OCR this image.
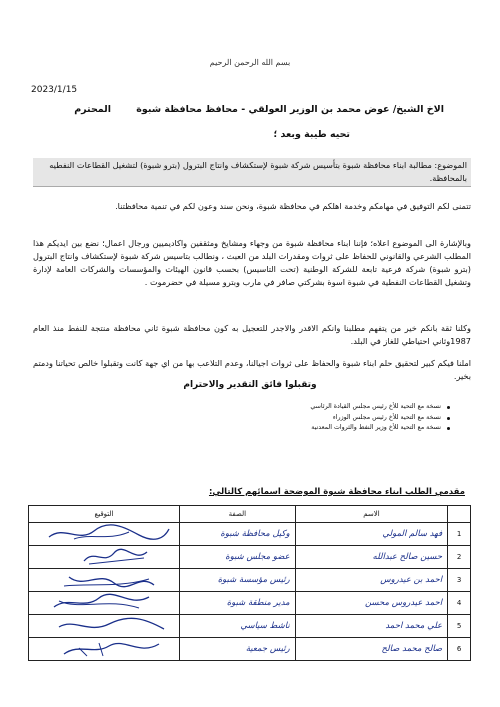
بسم الله الرحمن الرحيم
2023/1/15
الاخ الشيخ/ عوض محمد بن الوزير العولقي - محافظ محافظة شبوة المحترم
تحيه طيبة وبعد ؛
الموضوع: مطالبة ابناء محافظة شبوة بتأسيس شركة شبوة لإستكشاف وانتاج البترول (بترو شبوة) لتشغيل القطاعات النفطيه بالمحافظة.
تتمنى لكم التوفيق في مهامكم وخدمة اهلكم في محافظة شبوة، ونحن سند وعون لكم في تنمية محافظتنا.
وبالإشارة الى الموضوع اعلاه؛ فإننا ابناء محافظة شبوة من وجهاء ومشايخ ومثقفين واكاديميين ورجال اعمال؛ نضع بين ايديكم هذا المطلب الشرعي والقانوني للحفاظ على ثروات ومقدرات البلد من العبث ، ونطالب بتاسيس شركة شبوة لإستكشاف وانتاج البترول (بترو شبوة) شركة فرعية تابعة للشركة الوطنية (تحت التاسيس) بحسب قانون الهيئات والمؤسسات والشركات العامة لإدارة وتشغيل القطاعات النفطية في شبوة اسوة بشركتي صافر في مارب وبترو مسيلة في حضرموت .
وكلنا ثقة بانكم خير من يتفهم مطلبنا وانكم الاقدر والاجدر للتعجيل به كون محافظة شبوة ثاني محافظة منتجة للنفط منذ العام 1987وثاني احتياطي للغاز في البلد.
املنا فيكم كبير لتحقيق حلم ابناء شبوة والحفاظ على ثروات اجيالنا، وعدم التلاعب بها من اي جهة كانت وتقبلوا خالص تحياتنا ودمتم بخير.
وتقبلوا فائق التقدير والاحترام
نسخة مع التحية للأخ رئيس مجلس القيادة الرئاسي
نسخة مع التحية للأخ رئيس مجلس الوزراء
نسخة مع التحية للأخ وزير النفط والثروات المعدنية
مقدمي الطلب ابناء محافظة شبوة الموضحة اسمائهم كالتالي:
	الاسم	الصفة	التوقيع
1	فهد سالم المولي	وكيل محافظة شبوة

2	حسين صالح عبدالله	عضو مجلس شبوة

3	احمد بن عيدروس	رئيس مؤسسة شبوة

4	احمد عيدروس محسن	مدير منطقة شبوة

5	علي محمد احمد	ناشط سياسي

6	صالح محمد صالح	رئيس جمعية
